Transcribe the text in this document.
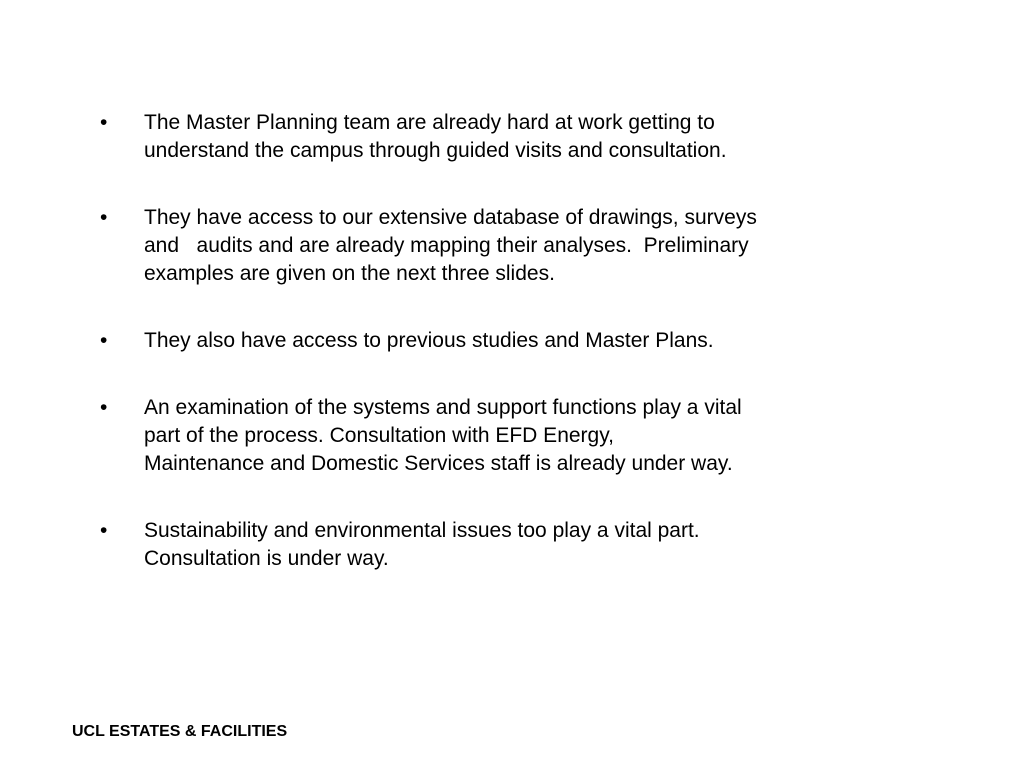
•	The Master Planning team are already hard at work getting to
understand the campus through guided visits and consultation.
•	They have access to our extensive database of drawings, surveys
and   audits and are already mapping their analyses.  Preliminary
examples are given on the next three slides.
•	They also have access to previous studies and Master Plans.
•	An examination of the systems and support functions play a vital
part of the process. Consultation with EFD Energy,
Maintenance and Domestic Services staff is already under way.
•	Sustainability and environmental issues too play a vital part.
Consultation is under way.
UCL ESTATES & FACILITIES
